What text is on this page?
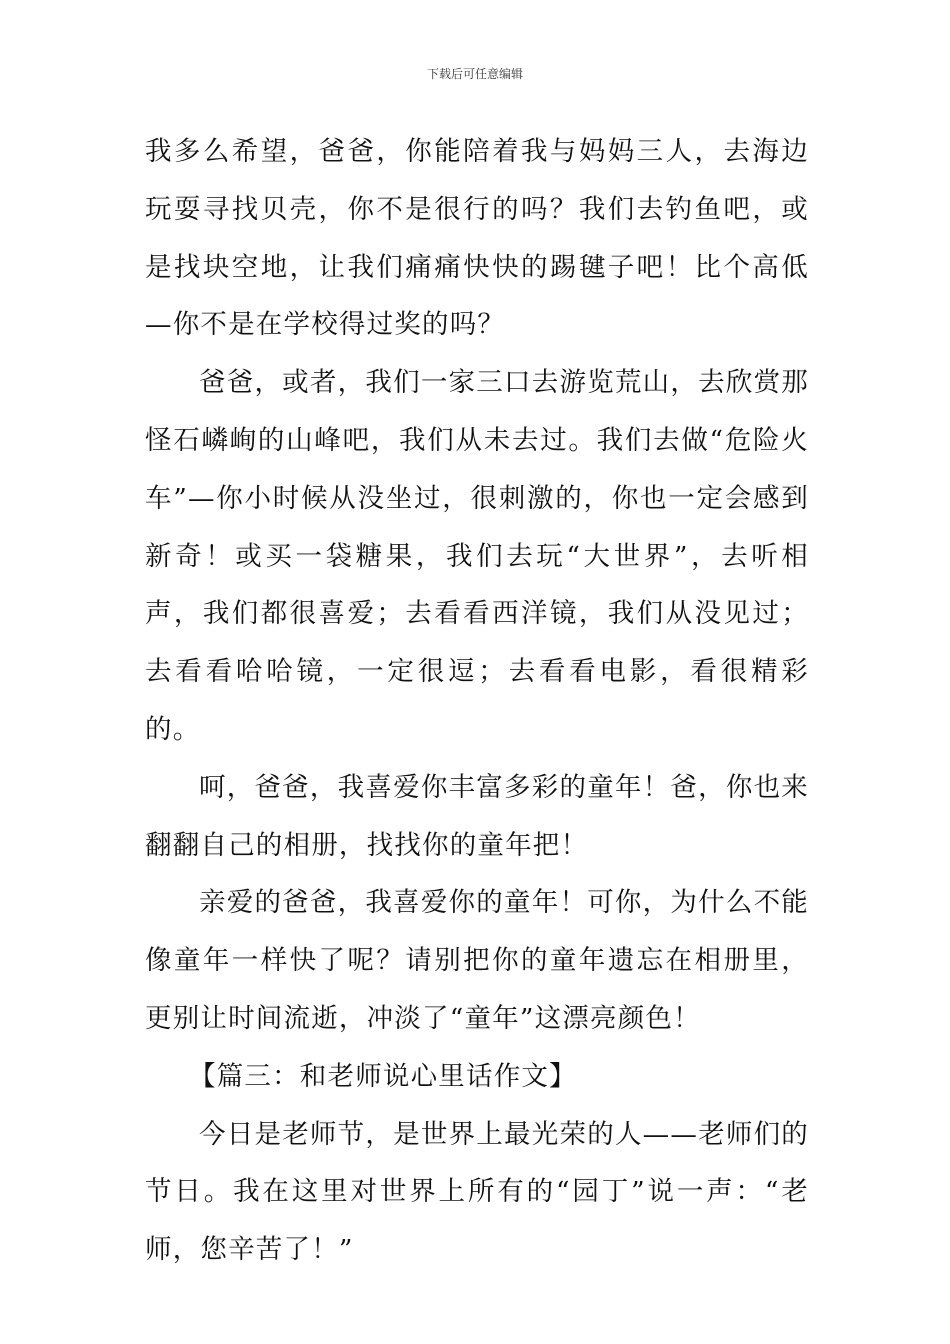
下载后可任意编辑

我多么希望，爸爸，你能陪着我与妈妈三人，去海边玩耍寻找贝壳，你不是很行的吗？我们去钓鱼吧，或是找块空地，让我们痛痛快快的踢毽子吧！比个高低—你不是在学校得过奖的吗？

爸爸，或者，我们一家三口去游览荒山，去欣赏那怪石嶙峋的山峰吧，我们从未去过。我们去做“危险火车”—你小时候从没坐过，很刺激的，你也一定会感到新奇！或买一袋糖果，我们去玩“大世界”，去听相声，我们都很喜爱；去看看西洋镜，我们从没见过；去看看哈哈镜，一定很逗；去看看电影，看很精彩的。

呵，爸爸，我喜爱你丰富多彩的童年！爸，你也来翻翻自己的相册，找找你的童年把！

亲爱的爸爸，我喜爱你的童年！可你，为什么不能像童年一样快了呢？请别把你的童年遗忘在相册里，更别让时间流逝，冲淡了“童年”这漂亮颜色！

【篇三：和老师说心里话作文】

今日是老师节，是世界上最光荣的人——老师们的节日。我在这里对世界上所有的“园丁”说一声：“老师，您辛苦了！”
